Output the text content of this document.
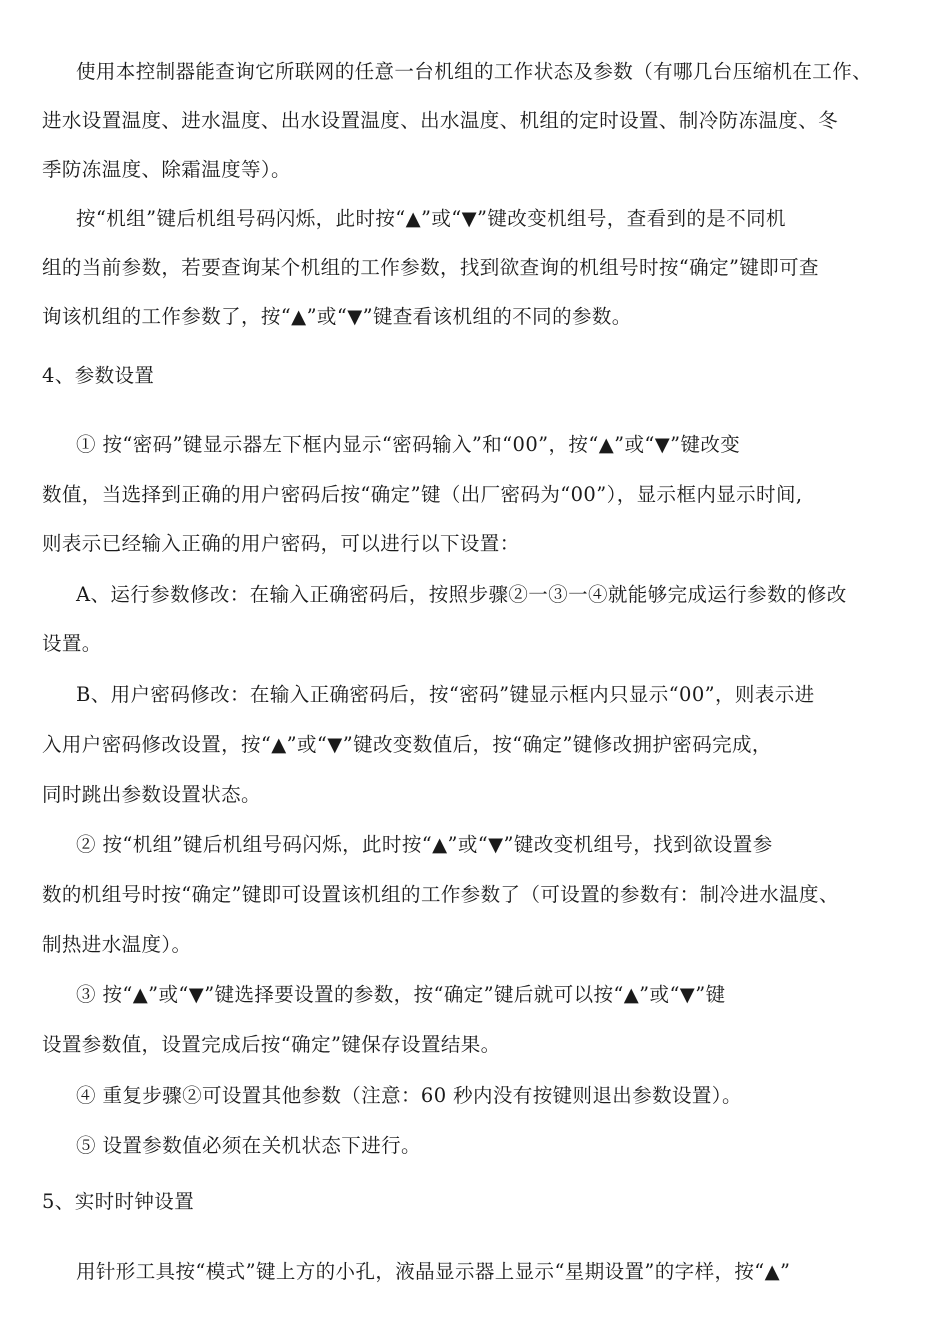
使用本控制器能查询它所联网的任意一台机组的工作状态及参数（有哪几台压缩机在工作、
进水设置温度、进水温度、出水设置温度、出水温度、机组的定时设置、制冷防冻温度、冬
季防冻温度、除霜温度等）。
按“机组”键后机组号码闪烁，此时按“▲”或“▼”键改变机组号，查看到的是不同机
组的当前参数，若要查询某个机组的工作参数，找到欲查询的机组号时按“确定”键即可查
询该机组的工作参数了，按“▲”或“▼”键查看该机组的不同的参数。
4、参数设置
① 按“密码”键显示器左下框内显示“密码输入”和“00”，按“▲”或“▼”键改变
数值，当选择到正确的用户密码后按“确定”键（出厂密码为“00”），显示框内显示时间,
则表示已经输入正确的用户密码，可以进行以下设置：
A、运行参数修改：在输入正确密码后，按照步骤②一③一④就能够完成运行参数的修改
设置。
B、用户密码修改：在输入正确密码后，按“密码”键显示框内只显示“00”，则表示进
入用户密码修改设置，按“▲”或“▼”键改变数值后，按“确定”键修改拥护密码完成，
同时跳出参数设置状态。
② 按“机组”键后机组号码闪烁，此时按“▲”或“▼”键改变机组号，找到欲设置参
数的机组号时按“确定”键即可设置该机组的工作参数了（可设置的参数有：制冷进水温度、
制热进水温度）。
③ 按“▲”或“▼”键选择要设置的参数，按“确定”键后就可以按“▲”或“▼”键
设置参数值，设置完成后按“确定”键保存设置结果。
④ 重复步骤②可设置其他参数（注意：60 秒内没有按键则退出参数设置）。
⑤ 设置参数值必须在关机状态下进行。
5、实时时钟设置
用针形工具按“模式”键上方的小孔，液晶显示器上显示“星期设置”的字样，按“▲”
